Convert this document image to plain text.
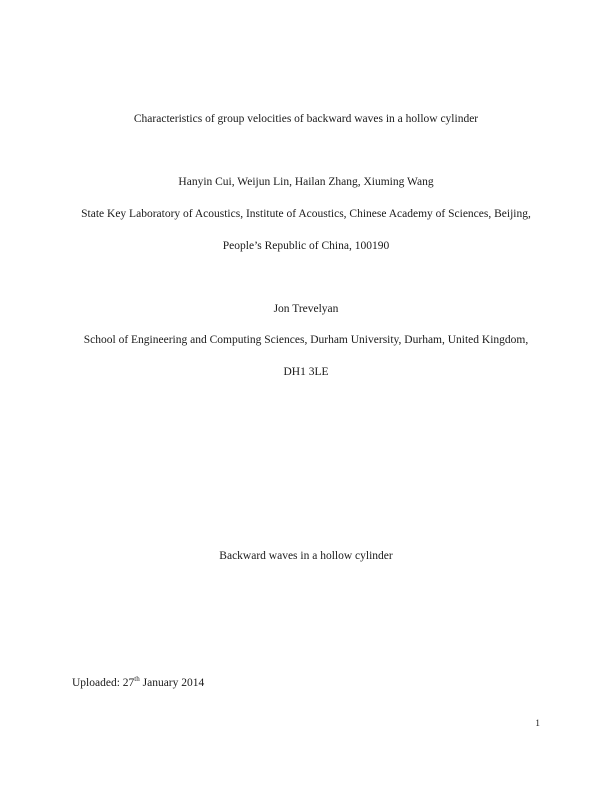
Characteristics of group velocities of backward waves in a hollow cylinder
Hanyin Cui, Weijun Lin, Hailan Zhang, Xiuming Wang
State Key Laboratory of Acoustics, Institute of Acoustics, Chinese Academy of Sciences, Beijing,
People’s Republic of China, 100190
Jon Trevelyan
School of Engineering and Computing Sciences, Durham University, Durham, United Kingdom,
DH1 3LE
Backward waves in a hollow cylinder
Uploaded: 27th January 2014
1
